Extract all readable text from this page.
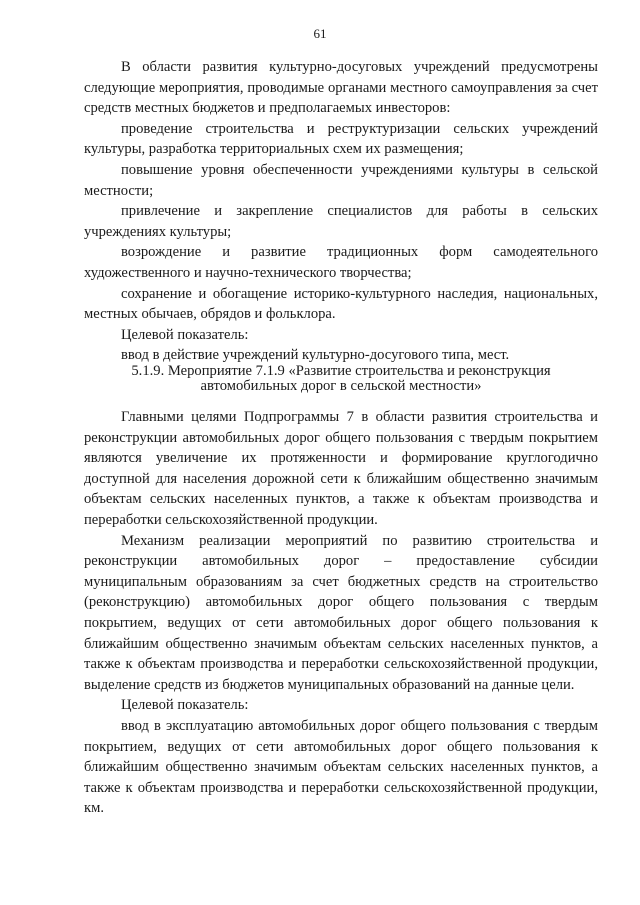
61

В области развития культурно-досуговых учреждений предусмотрены следующие мероприятия, проводимые органами местного самоуправления за счет средств местных бюджетов и предполагаемых инвесторов:

проведение строительства и реструктуризации сельских учреждений культуры, разработка территориальных схем их размещения;

повышение уровня обеспеченности учреждениями культуры в сельской местности;

привлечение и закрепление специалистов для работы в сельских учреждениях культуры;

возрождение и развитие традиционных форм самодеятельного художественного и научно-технического творчества;

сохранение и обогащение историко-культурного наследия, национальных, местных обычаев, обрядов и фольклора.

Целевой показатель:

ввод в действие учреждений культурно-досугового типа, мест.

5.1.9. Мероприятие 7.1.9 «Развитие строительства и реконструкция
автомобильных дорог в сельской местности»

Главными целями Подпрограммы 7 в области развития строительства и реконструкции автомобильных дорог общего пользования с твердым покрытием являются увеличение их протяженности и формирование круглогодично доступной для населения дорожной сети к ближайшим общественно значимым объектам сельских населенных пунктов, а также к объектам производства и переработки сельскохозяйственной продукции.

Механизм реализации мероприятий по развитию строительства и реконструкции автомобильных дорог – предоставление субсидии муниципальным образованиям за счет бюджетных средств на строительство (реконструкцию) автомобильных дорог общего пользования с твердым покрытием, ведущих от сети автомобильных дорог общего пользования к ближайшим общественно значимым объектам сельских населенных пунктов, а также к объектам производства и переработки сельскохозяйственной продукции, выделение средств из бюджетов муниципальных образований на данные цели.

Целевой показатель:

ввод в эксплуатацию автомобильных дорог общего пользования с твердым покрытием, ведущих от сети автомобильных дорог общего пользования к ближайшим общественно значимым объектам сельских населенных пунктов, а также к объектам производства и переработки сельскохозяйственной продукции, км.
